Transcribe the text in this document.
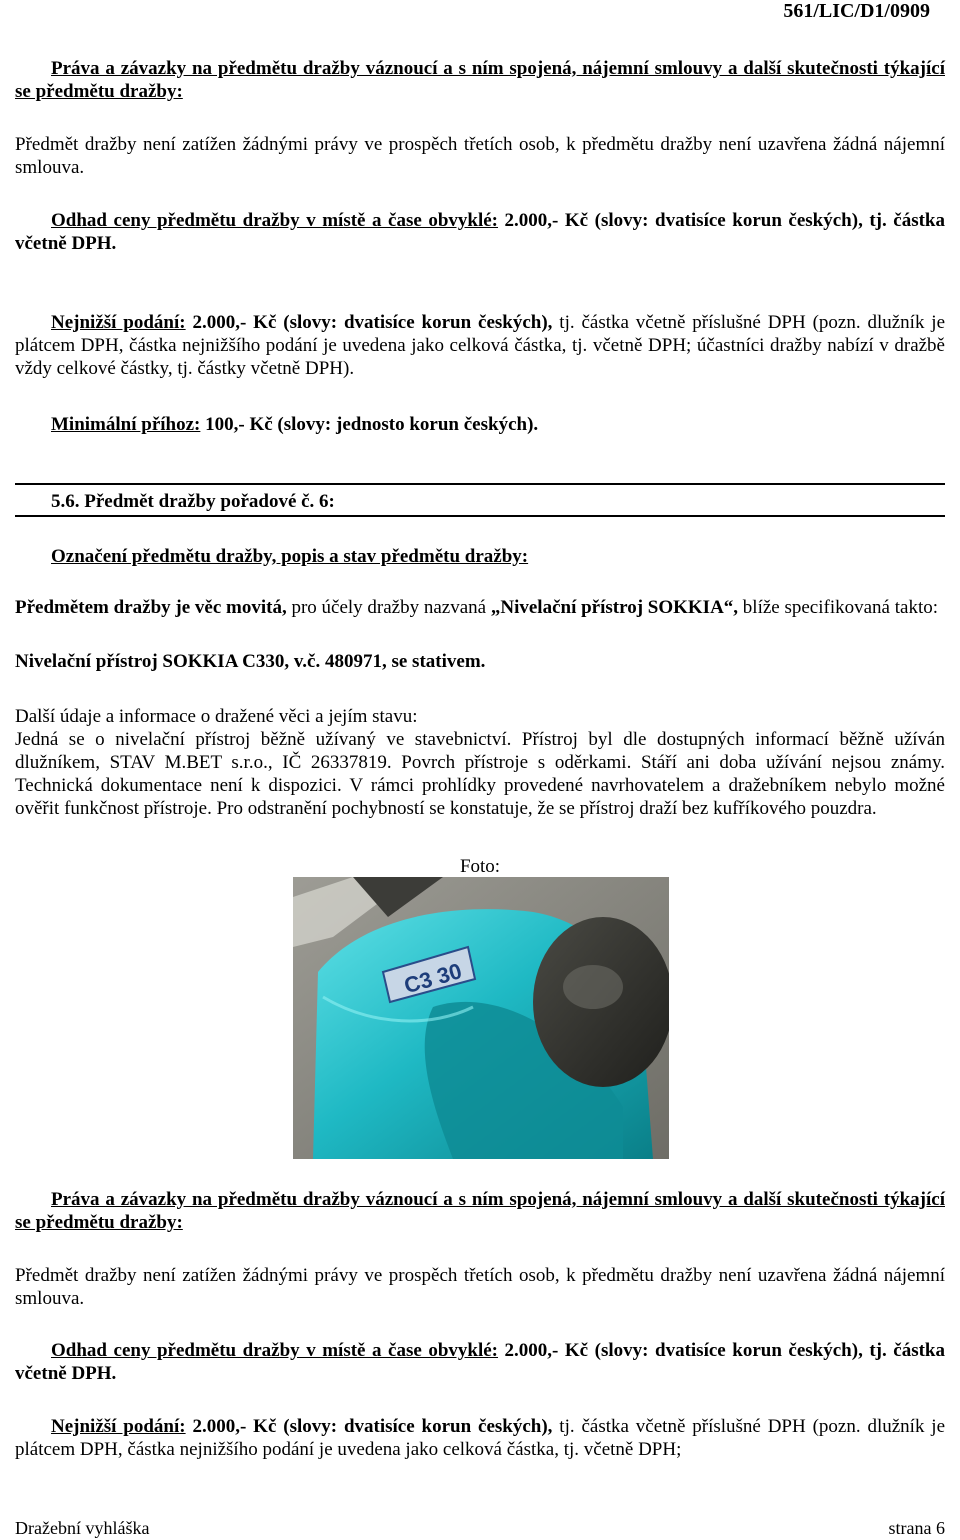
561/LIC/D1/0909
Práva a závazky na předmětu dražby váznoucí a s ním spojená, nájemní smlouvy a další skutečnosti týkající se předmětu dražby:
Předmět dražby není zatížen žádnými právy ve prospěch třetích osob, k předmětu dražby není uzavřena žádná nájemní smlouva.
Odhad ceny předmětu dražby v místě a čase obvyklé: 2.000,- Kč (slovy: dvatisíce korun českých), tj. částka včetně DPH.
Nejnižší podání: 2.000,- Kč (slovy: dvatisíce korun českých), tj. částka včetně příslušné DPH (pozn. dlužník je plátcem DPH, částka nejnižšího podání je uvedena jako celková částka, tj. včetně DPH; účastníci dražby nabízí v dražbě vždy celkové částky, tj. částky včetně DPH).
Minimální příhoz: 100,- Kč (slovy: jednosto korun českých).
5.6. Předmět dražby pořadové č. 6:
Označení předmětu dražby, popis a stav předmětu dražby:
Předmětem dražby je věc movitá, pro účely dražby nazvaná „Nivelační přístroj SOKKIA“, blíže specifikovaná takto:
Nivelační přístroj SOKKIA C330, v.č. 480971, se stativem.
Další údaje a informace o dražené věci a jejím stavu:
Jedná se o nivelační přístroj běžně užívaný ve stavebnictví. Přístroj byl dle dostupných informací běžně užíván dlužníkem, STAV M.BET s.r.o., IČ 26337819. Povrch přístroje s oděrkami. Stáří ani doba užívání nejsou známy. Technická dokumentace není k dispozici. V rámci prohlídky provedené navrhovatelem a dražebníkem nebylo možné ověřit funkčnost přístroje. Pro odstranění pochybností se konstatuje, že se přístroj draží bez kufříkového pouzdra.
Foto:
C3 30
Práva a závazky na předmětu dražby váznoucí a s ním spojená, nájemní smlouvy a další skutečnosti týkající se předmětu dražby:
Předmět dražby není zatížen žádnými právy ve prospěch třetích osob, k předmětu dražby není uzavřena žádná nájemní smlouva.
Odhad ceny předmětu dražby v místě a čase obvyklé: 2.000,- Kč (slovy: dvatisíce korun českých), tj. částka včetně DPH.
Nejnižší podání: 2.000,- Kč (slovy: dvatisíce korun českých), tj. částka včetně příslušné DPH (pozn. dlužník je plátcem DPH, částka nejnižšího podání je uvedena jako celková částka, tj. včetně DPH;
Dražební vyhláška	strana 6
